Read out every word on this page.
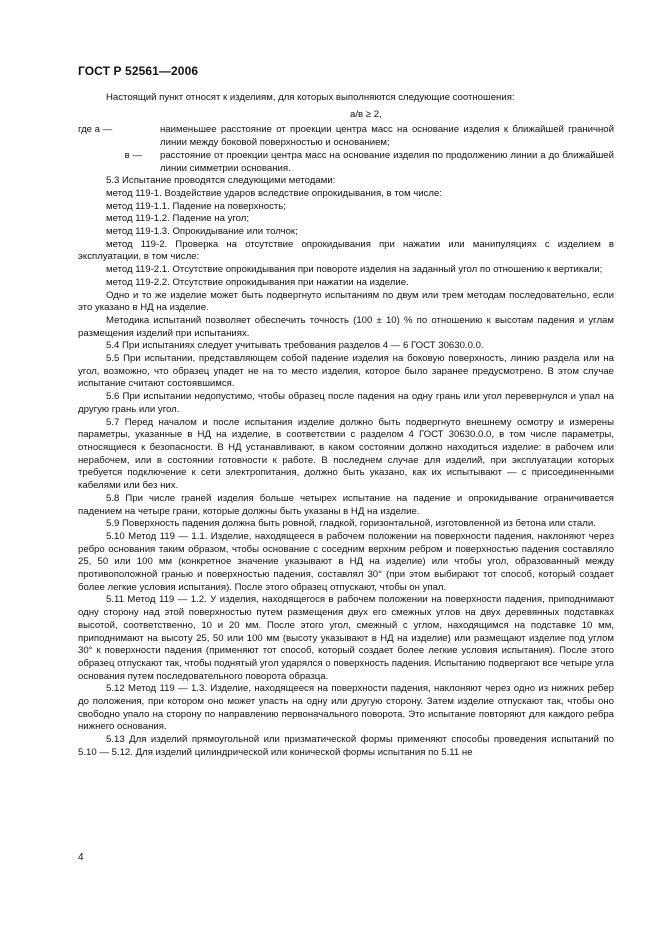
ГОСТ Р 52561—2006

Настоящий пункт относят к изделиям, для которых выполняются следующие соотношения:

a/в ≥ 2,
где a —	наименьшее расстояние от проекции центра масс на основание изделия к ближайшей граничной линии между боковой поверхностью и основанием;
в —	расстояние от проекции центра масс на основание изделия по продолжению линии a до ближайшей линии симметрии основания.

5.3 Испытание проводятся следующими методами:

метод 119-1. Воздействие ударов вследствие опрокидывания, в том числе:

метод 119-1.1. Падение на поверхность;

метод 119-1.2. Падение на угол;

метод 119-1.3. Опрокидывание или толчок;

метод 119-2. Проверка на отсутствие опрокидывания при нажатии или манипуляциях с изделием в эксплуатации, в том числе:

метод 119-2.1. Отсутствие опрокидывания при повороте изделия на заданный угол по отношению к вертикали;

метод 119-2.2. Отсутствие опрокидывания при нажатии на изделие.

Одно и то же изделие может быть подвергнуто испытаниям по двум или трем методам последовательно, если это указано в НД на изделие.

Методика испытаний позволяет обеспечить точность (100 ± 10) % по отношению к высотам падения и углам размещения изделий при испытаниях.

5.4 При испытаниях следует учитывать требования разделов 4 — 6 ГОСТ 30630.0.0.

5.5 При испытании, представляющем собой падение изделия на боковую поверхность, линию раздела или на угол, возможно, что образец упадет не на то место изделия, которое было заранее предусмотрено. В этом случае испытание считают состоявшимся.

5.6 При испытании недопустимо, чтобы образец после падения на одну грань или угол перевернулся и упал на другую грань или угол.

5.7 Перед началом и после испытания изделие должно быть подвергнуто внешнему осмотру и измерены параметры, указанные в НД на изделие, в соответствии с разделом 4 ГОСТ 30630.0.0, в том числе параметры, относящиеся к безопасности. В НД устанавливают, в каком состоянии должно находиться изделие: в рабочем или нерабочем, или в состоянии готовности к работе. В последнем случае для изделий, при эксплуатации которых требуется подключение к сети электропитания, должно быть указано, как их испытывают — с присоединенными кабелями или без них.

5.8 При числе граней изделия больше четырех испытание на падение и опрокидывание ограничивается падением на четыре грани, которые должны быть указаны в НД на изделие.

5.9 Поверхность падения должна быть ровной, гладкой, горизонтальной, изготовленной из бетона или стали.

5.10 Метод 119 — 1.1. Изделие, находящееся в рабочем положении на поверхности падения, наклоняют через ребро основания таким образом, чтобы основание с соседним верхним ребром и поверхностью падения составляло 25, 50 или 100 мм (конкретное значение указывают в НД на изделие) или чтобы угол, образованный между противоположной гранью и поверхностью падения, составлял 30° (при этом выбирают тот способ, который создает более легкие условия испытания). После этого образец отпускают, чтобы он упал.

5.11 Метод 119 — 1.2. У изделия, находящегося в рабочем положении на поверхности падения, приподнимают одну сторону над этой поверхностью путем размещения двух его смежных углов на двух деревянных подставках высотой, соответственно, 10 и 20 мм. После этого угол, смежный с углом, находящимся на подставке 10 мм, приподнимают на высоту 25, 50 или 100 мм (высоту указывают в НД на изделие) или размещают изделие под углом 30° к поверхности падения (применяют тот способ, который создает более легкие условия испытания). После этого образец отпускают так, чтобы поднятый угол ударялся о поверхность падения. Испытанию подвергают все четыре угла основания путем последовательного поворота образца.

5.12 Метод 119 — 1.3. Изделие, находящееся на поверхности падения, наклоняют через одно из нижних ребер до положения, при котором оно может упасть на одну или другую сторону. Затем изделие отпускают так, чтобы оно свободно упало на сторону по направлению первоначального поворота. Это испытание повторяют для каждого ребра нижнего основания.

5.13 Для изделий прямоугольной или призматической формы применяют способы проведения испытаний по 5.10 — 5.12. Для изделий цилиндрической или конической формы испытания по 5.11 не

4
